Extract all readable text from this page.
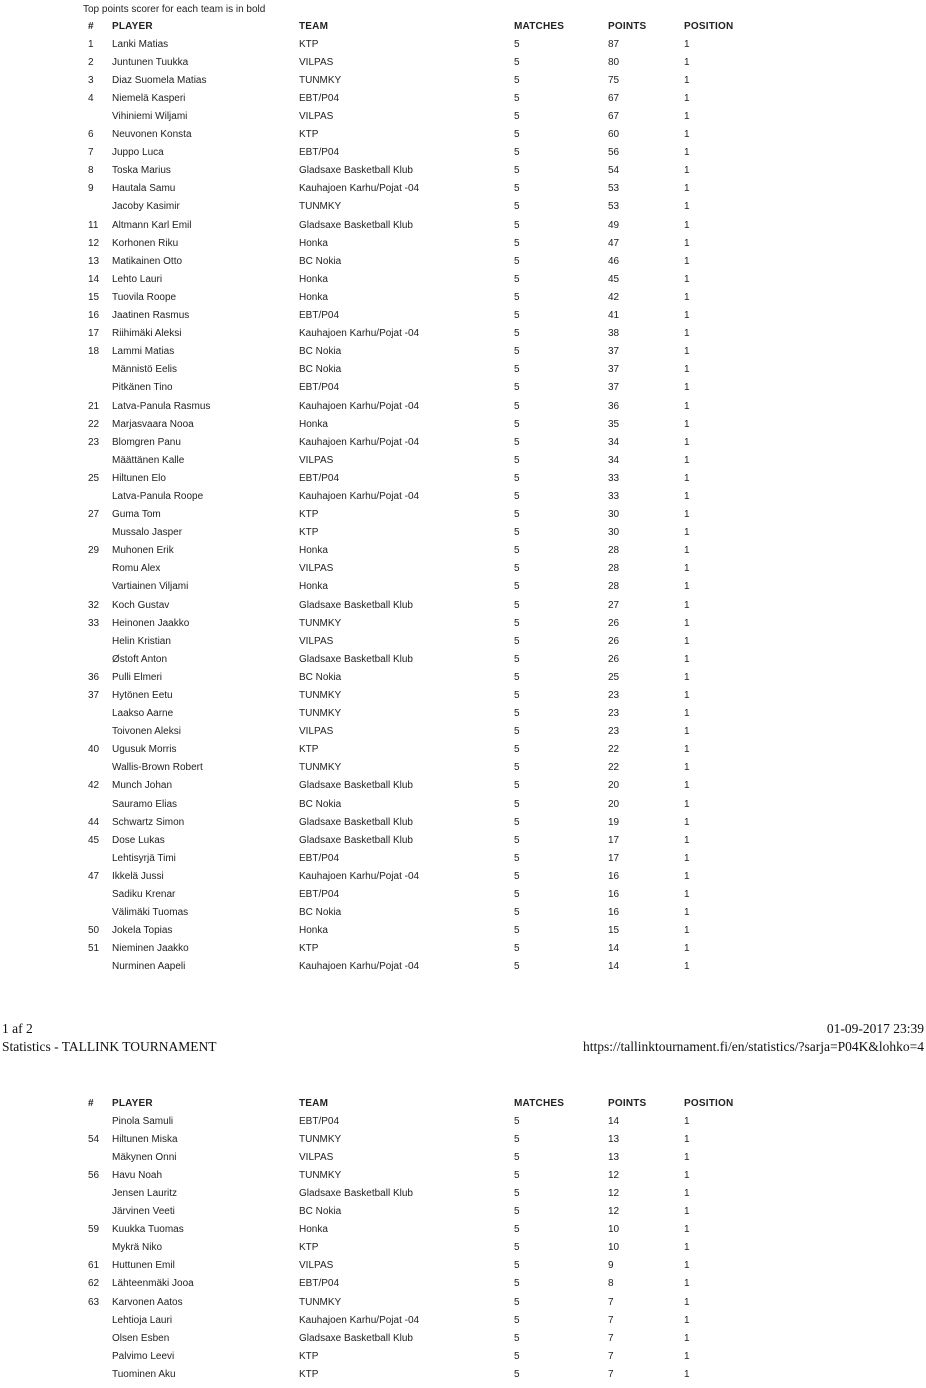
Top points scorer for each team is in bold
#	PLAYER	TEAM	MATCHES	POINTS	POSITION
1	Lanki Matias	KTP	5	87	1
2	Juntunen Tuukka	VILPAS	5	80	1
3	Diaz Suomela Matias	TUNMKY	5	75	1
4	Niemelä Kasperi	EBT/P04	5	67	1
	Vihiniemi Wiljami	VILPAS	5	67	1
6	Neuvonen Konsta	KTP	5	60	1
7	Juppo Luca	EBT/P04	5	56	1
8	Toska Marius	Gladsaxe Basketball Klub	5	54	1
9	Hautala Samu	Kauhajoen Karhu/Pojat -04	5	53	1
	Jacoby Kasimir	TUNMKY	5	53	1
11	Altmann Karl Emil	Gladsaxe Basketball Klub	5	49	1
12	Korhonen Riku	Honka	5	47	1
13	Matikainen Otto	BC Nokia	5	46	1
14	Lehto Lauri	Honka	5	45	1
15	Tuovila Roope	Honka	5	42	1
16	Jaatinen Rasmus	EBT/P04	5	41	1
17	Riihimäki Aleksi	Kauhajoen Karhu/Pojat -04	5	38	1
18	Lammi Matias	BC Nokia	5	37	1
	Männistö Eelis	BC Nokia	5	37	1
	Pitkänen Tino	EBT/P04	5	37	1
21	Latva-Panula Rasmus	Kauhajoen Karhu/Pojat -04	5	36	1
22	Marjasvaara Nooa	Honka	5	35	1
23	Blomgren Panu	Kauhajoen Karhu/Pojat -04	5	34	1
	Määttänen Kalle	VILPAS	5	34	1
25	Hiltunen Elo	EBT/P04	5	33	1
	Latva-Panula Roope	Kauhajoen Karhu/Pojat -04	5	33	1
27	Guma Tom	KTP	5	30	1
	Mussalo Jasper	KTP	5	30	1
29	Muhonen Erik	Honka	5	28	1
	Romu Alex	VILPAS	5	28	1
	Vartiainen Viljami	Honka	5	28	1
32	Koch Gustav	Gladsaxe Basketball Klub	5	27	1
33	Heinonen Jaakko	TUNMKY	5	26	1
	Helin Kristian	VILPAS	5	26	1
	Østoft Anton	Gladsaxe Basketball Klub	5	26	1
36	Pulli Elmeri	BC Nokia	5	25	1
37	Hytönen Eetu	TUNMKY	5	23	1
	Laakso Aarne	TUNMKY	5	23	1
	Toivonen Aleksi	VILPAS	5	23	1
40	Ugusuk Morris	KTP	5	22	1
	Wallis-Brown Robert	TUNMKY	5	22	1
42	Munch Johan	Gladsaxe Basketball Klub	5	20	1
	Sauramo Elias	BC Nokia	5	20	1
44	Schwartz Simon	Gladsaxe Basketball Klub	5	19	1
45	Dose Lukas	Gladsaxe Basketball Klub	5	17	1
	Lehtisyrjä Timi	EBT/P04	5	17	1
47	Ikkelä Jussi	Kauhajoen Karhu/Pojat -04	5	16	1
	Sadiku Krenar	EBT/P04	5	16	1
	Välimäki Tuomas	BC Nokia	5	16	1
50	Jokela Topias	Honka	5	15	1
51	Nieminen Jaakko	KTP	5	14	1
	Nurminen Aapeli	Kauhajoen Karhu/Pojat -04	5	14	1
1 af 2
Statistics - TALLINK TOURNAMENT
01-09-2017 23:39
https://tallinktournament.fi/en/statistics/?sarja=P04K&lohko=4
#	PLAYER	TEAM	MATCHES	POINTS	POSITION
	Pinola Samuli	EBT/P04	5	14	1
54	Hiltunen Miska	TUNMKY	5	13	1
	Mäkynen Onni	VILPAS	5	13	1
56	Havu Noah	TUNMKY	5	12	1
	Jensen Lauritz	Gladsaxe Basketball Klub	5	12	1
	Järvinen Veeti	BC Nokia	5	12	1
59	Kuukka Tuomas	Honka	5	10	1
	Mykrä Niko	KTP	5	10	1
61	Huttunen Emil	VILPAS	5	9	1
62	Lähteenmäki Jooa	EBT/P04	5	8	1
63	Karvonen Aatos	TUNMKY	5	7	1
	Lehtioja Lauri	Kauhajoen Karhu/Pojat -04	5	7	1
	Olsen Esben	Gladsaxe Basketball Klub	5	7	1
	Palvimo Leevi	KTP	5	7	1
	Tuominen Aku	KTP	5	7	1
